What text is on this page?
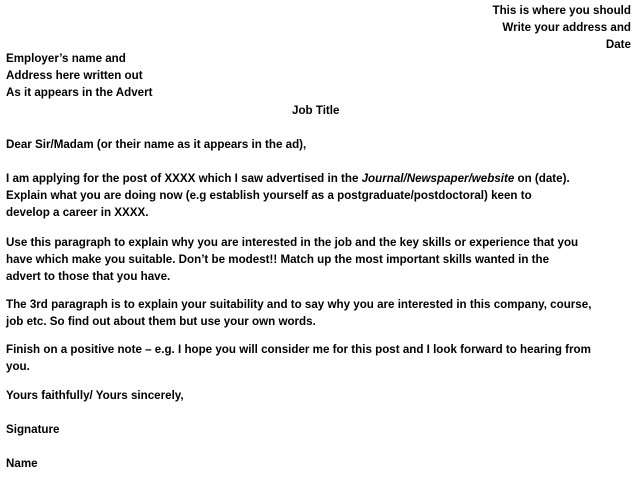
This is where you should
Write your address and
Date
Employer’s name and
Address here written out
As it appears in the Advert
Job Title
Dear Sir/Madam (or their name as it appears in the ad),
I am applying for the post of XXXX which I saw advertised in the Journal/Newspaper/website on (date).
Explain what you are doing now (e.g establish yourself as a postgraduate/postdoctoral) keen to
develop a career in XXXX.
Use this paragraph to explain why you are interested in the job and the key skills or experience that you
have which make you suitable. Don’t be modest!! Match up the most important skills wanted in the
advert to those that you have.
The 3rd paragraph is to explain your suitability and to say why you are interested in this company, course,
job etc. So find out about them but use your own words.
Finish on a positive note – e.g. I hope you will consider me for this post and I look forward to hearing from
you.
Yours faithfully/ Yours sincerely,
Signature
Name
